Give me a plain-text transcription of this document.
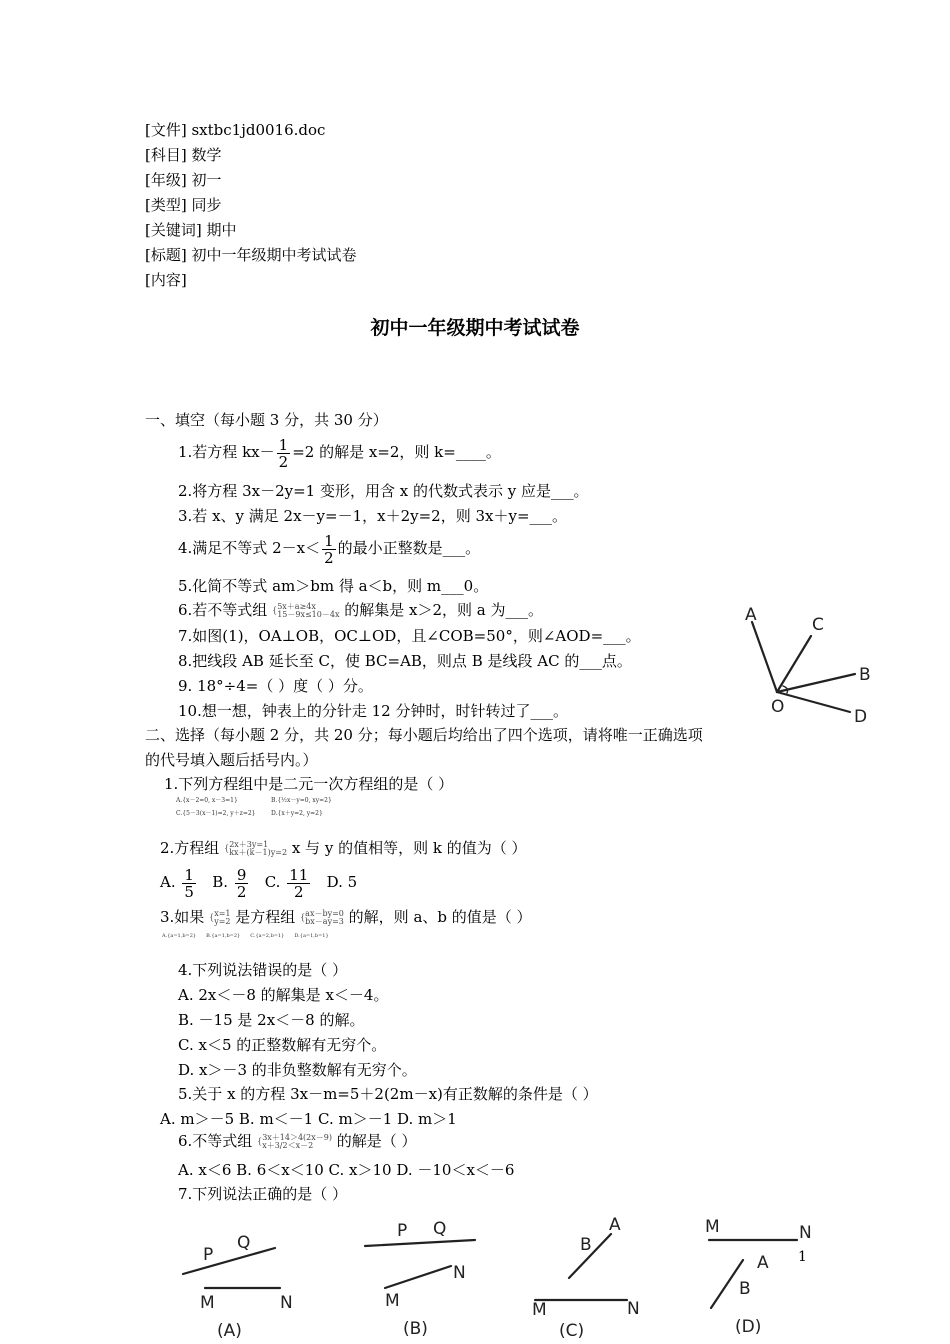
[文件] sxtbc1jd0016.doc
[科目] 数学
[年级] 初一
[类型] 同步
[关键词] 期中
[标题] 初中一年级期中考试试卷
[内容]
初中一年级期中考试试卷
一、填空（每小题 3 分，共 30 分）
1.若方程 $kx- \frac{1}{2} =2$ 的解是 x=2，则 k=____。
2.将方程 3x－2y=1 变形，用含 x 的代数式表示 y 应是___。
3.若 x、y 满足 2x－y=－1，x＋2y=2，则 3x＋y=___。
4.满足不等式 $2-x< \frac{1}{2}$ 的最小正整数是___。
5.化简不等式 am＞bm 得 a＜b，则 m___0。
6.若不等式组 { 5x＋a≥4x
15－9x≤10－4x 的解集是 x＞2，则 a 为___。
7.如图(1)，OA⊥OB，OC⊥OD，且∠COB=50°，则∠AOD=___。
8.把线段 AB 延长至 C，使 BC=AB，则点 B 是线段 AC 的___点。
9. 18°÷4=（ ）度（ ）分。
10.想一想，钟表上的分针走 12 分钟时，时针转过了___。
A	C
B
O	D
二、选择（每小题 2 分，共 20 分；每小题后均给出了四个选项，请将唯一正确选项
的代号填入题后括号内。）
1.下列方程组中是二元一次方程组的是（ ）
A.{x－2=0, x－3=1}	B.{½x－y=0, xy=2}
C.{5－3(x－1)=2, y＋z=2}	D.{x＋y=2, y=2}
2.方程组 { 2x＋3y=1
kx＋(k－1)y=2 x 与 y 的值相等，则 k 的值为（ ）
A. $\frac{1}{5} B$. $\frac{9}{2} C$. $\frac{11}{2} D$. 5
3.如果 { x=1
y=2 是方程组 { ax－by=0
bx－ay=3 的解，则 a、b 的值是（ ）
A.{a=1,b=2} B.{a=1,b=2} C.{a=2,b=1} D.{a=1,b=1}
4.下列说法错误的是（ ）
A. 2x＜－8 的解集是 x＜－4。
B. －15 是 2x＜－8 的解。
C. x＜5 的正整数解有无穷个。
D. x＞－3 的非负整数解有无穷个。
5.关于 x 的方程 3x－m=5＋2(2m－x)有正数解的条件是（ ）
A. m＞－5 B. m＜－1 C. m＞－1 D. m＞1
6.不等式组 { 3x＋14＞4(2x－9)
x＋3/2＜x－2	的解是（ ）
A. x＜6 B. 6＜x＜10 C. x＞10 D. －10＜x＜－6
7.下列说法正确的是（ ）
P
Q
M	N
(A)
P Q
M
N
(B)
A
B
M	N
(C)
M	N
A
B
(D)
1
